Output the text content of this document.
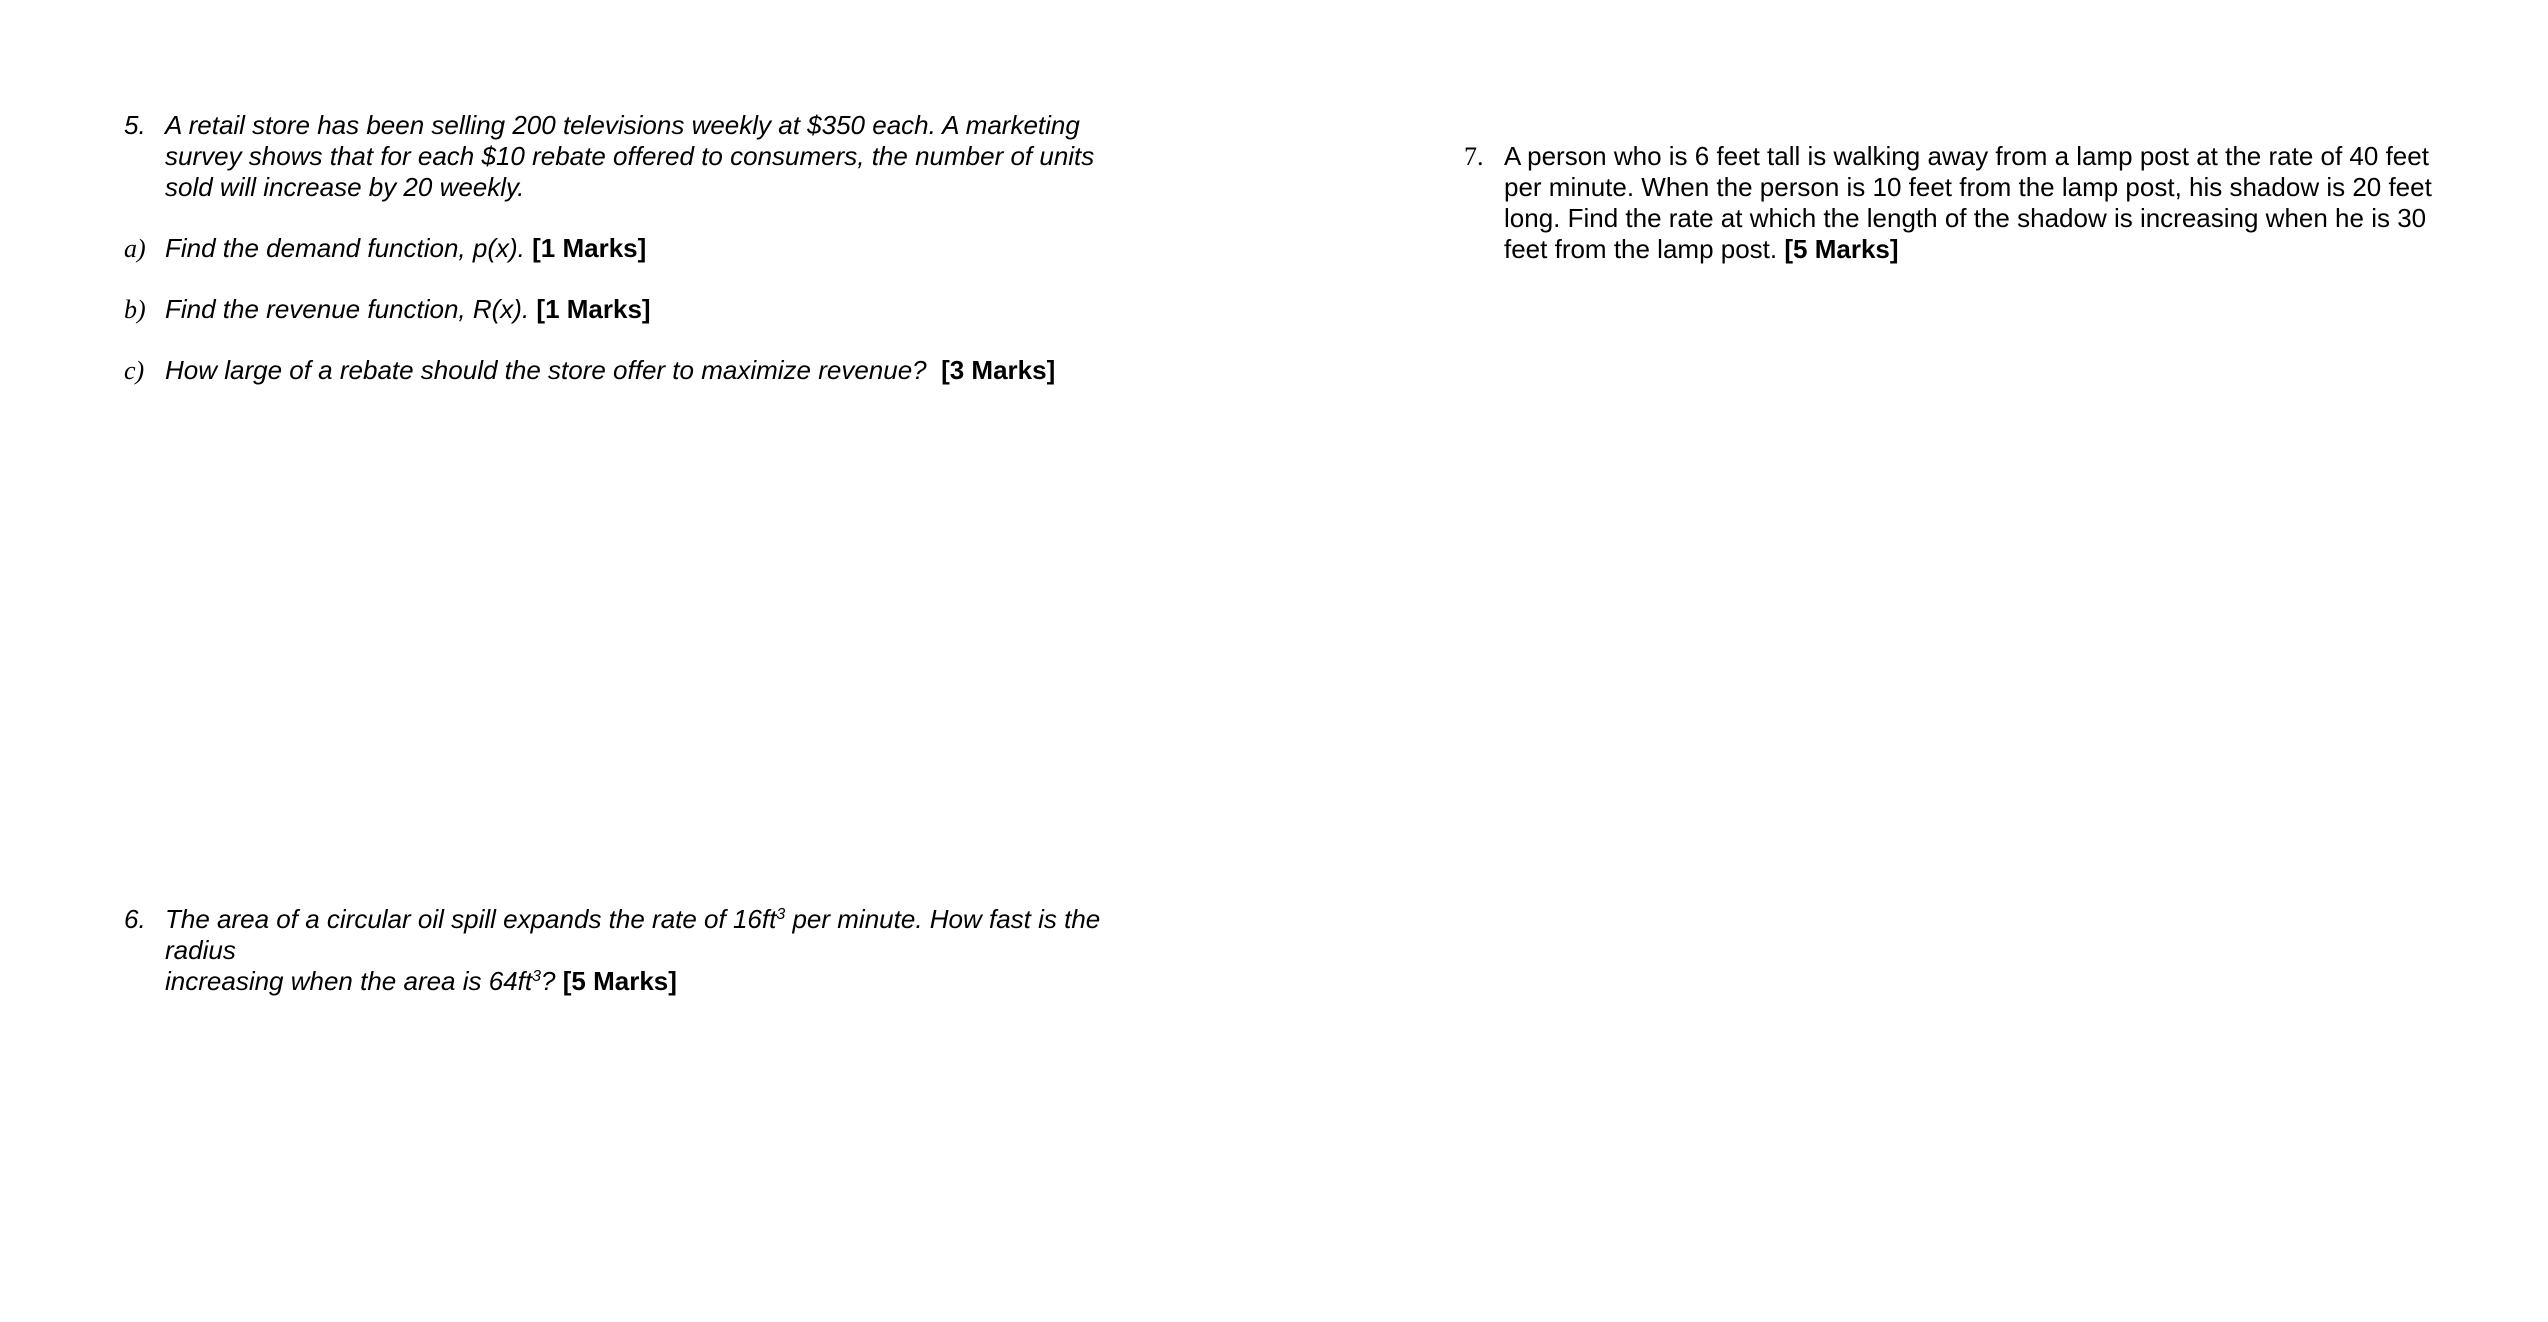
5. A retail store has been selling 200 televisions weekly at $350 each. A marketing
survey shows that for each $10 rebate offered to consumers, the number of units
sold will increase by 20 weekly.
a) Find the demand function, p(x). [1 Marks]
b) Find the revenue function, R(x). [1 Marks]
c) How large of a rebate should the store offer to maximize revenue? [3 Marks]
6. The area of a circular oil spill expands the rate of $16ft^3$ per minute. How fast is the
radius
increasing when the area is $64ft^3$? [5 Marks]
7. A person who is 6 feet tall is walking away from a lamp post at the rate of 40 feet
per minute. When the person is 10 feet from the lamp post, his shadow is 20 feet
long. Find the rate at which the length of the shadow is increasing when he is 30
feet from the lamp post. [5 Marks]
